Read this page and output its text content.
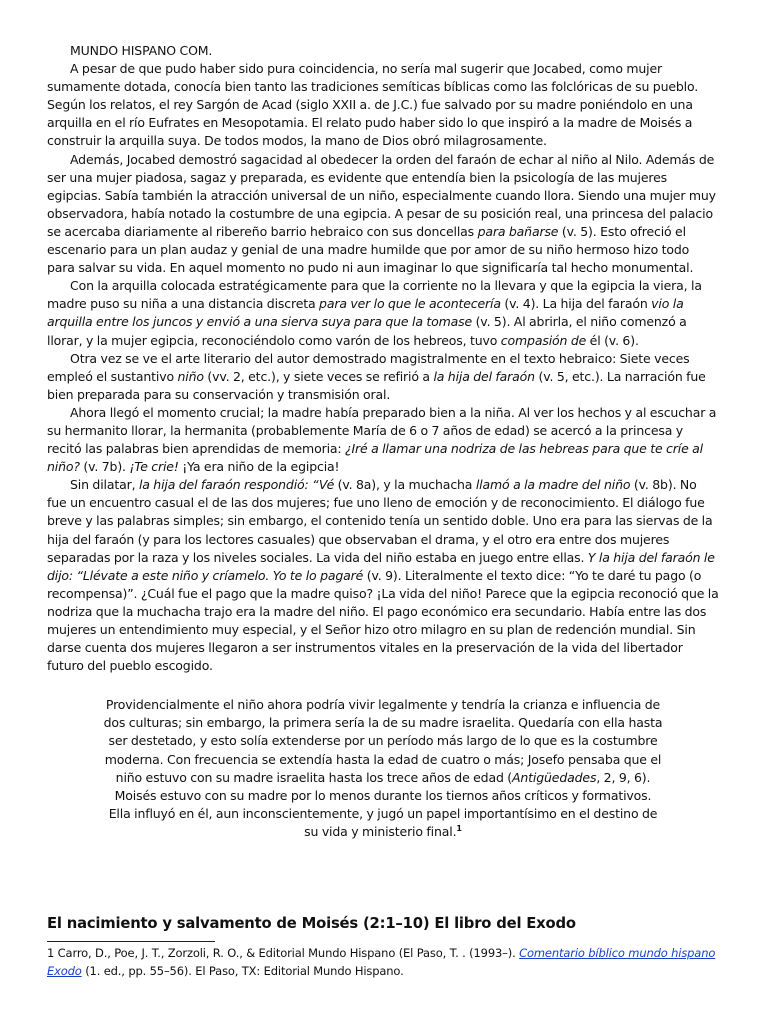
MUNDO HISPANO COM.

A pesar de que pudo haber sido pura coincidencia, no sería mal sugerir que Jocabed, como mujer sumamente dotada, conocía bien tanto las tradiciones semíticas bíblicas como las folclóricas de su pueblo. Según los relatos, el rey Sargón de Acad (siglo XXII a. de J.C.) fue salvado por su madre poniéndolo en una arquilla en el río Eufrates en Mesopotamia. El relato pudo haber sido lo que inspiró a la madre de Moisés a construir la arquilla suya. De todos modos, la mano de Dios obró milagrosamente.

Además, Jocabed demostró sagacidad al obedecer la orden del faraón de echar al niño al Nilo. Además de ser una mujer piadosa, sagaz y preparada, es evidente que entendía bien la psicología de las mujeres egipcias. Sabía también la atracción universal de un niño, especialmente cuando llora. Siendo una mujer muy observadora, había notado la costumbre de una egipcia. A pesar de su posición real, una princesa del palacio se acercaba diariamente al ribereño barrio hebraico con sus doncellas para bañarse (v. 5). Esto ofreció el escenario para un plan audaz y genial de una madre humilde que por amor de su niño hermoso hizo todo para salvar su vida. En aquel momento no pudo ni aun imaginar lo que significaría tal hecho monumental.

Con la arquilla colocada estratégicamente para que la corriente no la llevara y que la egipcia la viera, la madre puso su niña a una distancia discreta para ver lo que le acontecería (v. 4). La hija del faraón vio la arquilla entre los juncos y envió a una sierva suya para que la tomase (v. 5). Al abrirla, el niño comenzó a llorar, y la mujer egipcia, reconociéndolo como varón de los hebreos, tuvo compasión de él (v. 6).

Otra vez se ve el arte literario del autor demostrado magistralmente en el texto hebraico: Siete veces empleó el sustantivo niño (vv. 2, etc.), y siete veces se refirió a la hija del faraón (v. 5, etc.). La narración fue bien preparada para su conservación y transmisión oral.

Ahora llegó el momento crucial; la madre había preparado bien a la niña. Al ver los hechos y al escuchar a su hermanito llorar, la hermanita (probablemente María de 6 o 7 años de edad) se acercó a la princesa y recitó las palabras bien aprendidas de memoria: ¿Iré a llamar una nodriza de las hebreas para que te críe al niño? (v. 7b). ¡Te crie! ¡Ya era niño de la egipcia!

Sin dilatar, la hija del faraón respondió: “Vé (v. 8a), y la muchacha llamó a la madre del niño (v. 8b). No fue un encuentro casual el de las dos mujeres; fue uno lleno de emoción y de reconocimiento. El diálogo fue breve y las palabras simples; sin embargo, el contenido tenía un sentido doble. Uno era para las siervas de la hija del faraón (y para los lectores casuales) que observaban el drama, y el otro era entre dos mujeres separadas por la raza y los niveles sociales. La vida del niño estaba en juego entre ellas. Y la hija del faraón le dijo: “Llévate a este niño y críamelo. Yo te lo pagaré (v. 9). Literalmente el texto dice: “Yo te daré tu pago (o recompensa)”. ¿Cuál fue el pago que la madre quiso? ¡La vida del niño! Parece que la egipcia reconoció que la nodriza que la muchacha trajo era la madre del niño. El pago económico era secundario. Había entre las dos mujeres un entendimiento muy especial, y el Señor hizo otro milagro en su plan de redención mundial. Sin darse cuenta dos mujeres llegaron a ser instrumentos vitales en la preservación de la vida del libertador futuro del pueblo escogido.

Providencialmente el niño ahora podría vivir legalmente y tendría la crianza e influencia de dos culturas; sin embargo, la primera sería la de su madre israelita. Quedaría con ella hasta ser destetado, y esto solía extenderse por un período más largo de lo que es la costumbre moderna. Con frecuencia se extendía hasta la edad de cuatro o más; Josefo pensaba que el niño estuvo con su madre israelita hasta los trece años de edad (Antigüedades, 2, 9, 6). Moisés estuvo con su madre por lo menos durante los tiernos años críticos y formativos. Ella influyó en él, aun inconscientemente, y jugó un papel importantísimo en el destino de su vida y ministerio final.$^1$

El nacimiento y salvamento de Moisés (2:1–10) El libro del Exodo

1 Carro, D., Poe, J. T., Zorzoli, R. O., & Editorial Mundo Hispano (El Paso, T. . (1993–). Comentario bíblico mundo hispano Exodo (1. ed., pp. 55–56). El Paso, TX: Editorial Mundo Hispano.
